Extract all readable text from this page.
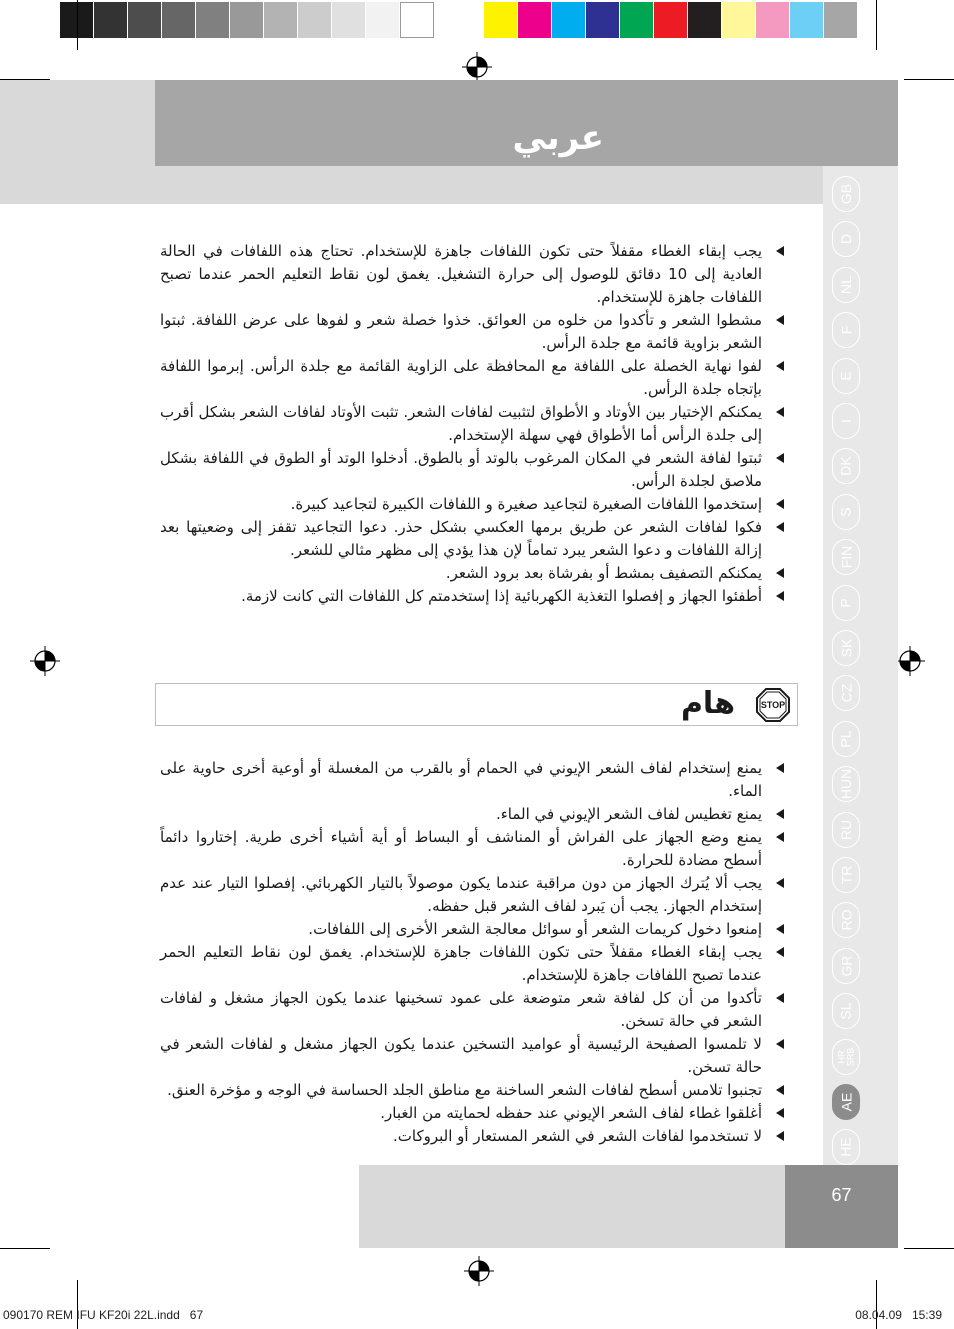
عربي
GB
D
NL
F
E
I
DK
S
FIN
P
SK
CZ
PL
HUN
RU
TR
RO
GR
SL
HR
SRB
AE
HE
يجب إبقاء الغطاء مقفلاً حتى تكون اللفافات جاهزة للإستخدام. تحتاج هذه اللفافات في الحالة العادية إلى 10 دقائق للوصول إلى حرارة التشغيل. يغمق لون نقاط التعليم الحمر عندما تصبح اللفافات جاهزة للإستخدام.
مشطوا الشعر و تأكدوا من خلوه من العوائق. خذوا خصلة شعر و لفوها على عرض اللفافة. ثبتوا الشعر بزاوية قائمة مع جلدة الرأس.
لفوا نهاية الخصلة على اللفافة مع المحافظة على الزاوية القائمة مع جلدة الرأس. إبرموا اللفافة بإتجاه جلدة الرأس.
يمكنكم الإختيار بين الأوتاد و الأطواق لتثبيت لفافات الشعر. تثبت الأوتاد لفافات الشعر بشكل أقرب إلى جلدة الرأس أما الأطواق فهي سهلة الإستخدام.
ثبتوا لفافة الشعر في المكان المرغوب بالوتد أو بالطوق. أدخلوا الوتد أو الطوق في اللفافة بشكل ملاصق لجلدة الرأس.
إستخدموا اللفافات الصغيرة لتجاعيد صغيرة و اللفافات الكبيرة لتجاعيد كبيرة.
فكوا لفافات الشعر عن طريق برمها العكسي بشكل حذر. دعوا التجاعيد تقفز إلى وضعيتها بعد إزالة اللفافات و دعوا الشعر يبرد تماماً لإن هذا يؤدي إلى مظهر مثالي للشعر.
يمكنكم التصفيف بمشط أو بفرشاة بعد برود الشعر.
أطفئوا الجهاز و إفصلوا التغذية الكهربائية إذا إستخدمتم كل اللفافات التي كانت لازمة.
هام	STOP
يمنع إستخدام لفاف الشعر الإيوني في الحمام أو بالقرب من المغسلة أو أوعية أخرى حاوية على الماء.
يمنع تغطيس لفاف الشعر الإيوني في الماء.
يمنع وضع الجهاز على الفراش أو المناشف أو البساط أو أية أشياء أخرى طرية. إختاروا دائماً أسطح مضادة للحرارة.
يجب ألا يُترك الجهاز من دون مراقبة عندما يكون موصولاً بالتيار الكهربائي. إفصلوا التيار عند عدم إستخدام الجهاز. يجب أن يَبرد لفاف الشعر قبل حفظه.
إمنعوا دخول كريمات الشعر أو سوائل معالجة الشعر الأخرى إلى اللفافات.
يجب إبقاء الغطاء مقفلاً حتى تكون اللفافات جاهزة للإستخدام. يغمق لون نقاط التعليم الحمر عندما تصبح اللفافات جاهزة للإستخدام.
تأكدوا من أن كل لفافة شعر متوضعة على عمود تسخينها عندما يكون الجهاز مشغل و لفافات الشعر في حالة تسخن.
لا تلمسوا الصفيحة الرئيسية أو عواميد التسخين عندما يكون الجهاز مشغل و لفافات الشعر في حالة تسخن.
تجنبوا تلامس أسطح لفافات الشعر الساخنة مع مناطق الجلد الحساسة في الوجه و مؤخرة العنق.
أغلقوا غطاء لفاف الشعر الإيوني عند حفظه لحمايته من الغبار.
لا تستخدموا لفافات الشعر في الشعر المستعار أو البروكات.
67
090170 REM IFU KF20i 22L.indd   67	08.04.09   15:39
